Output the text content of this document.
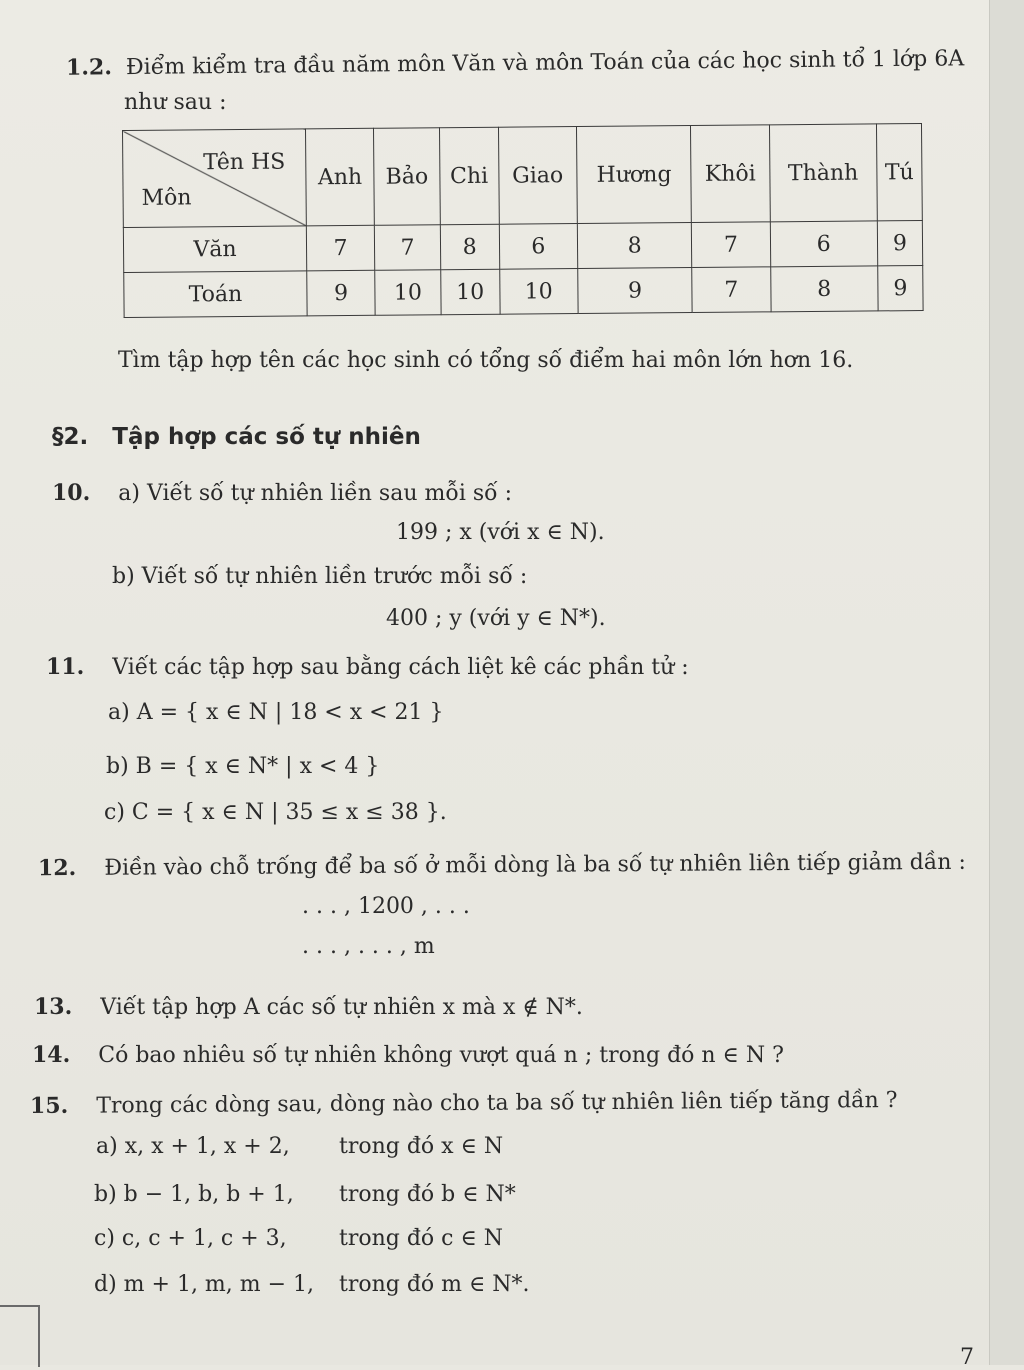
1.2. Điểm kiểm tra đầu năm môn Văn và môn Toán của các học sinh tổ 1 lớp 6A
như sau :
Tên HS
Môn	Anh	Bảo	Chi	Giao	Hương	Khôi	Thành	Tú
Văn	7	7	8	6	8	7	6	9
Toán	9	10	10	10	9	7	8	9
Tìm tập hợp tên các học sinh có tổng số điểm hai môn lớn hơn 16.
§2. Tập hợp các số tự nhiên
10. a) Viết số tự nhiên liền sau mỗi số :
199 ; x (với x ∈ N).
b) Viết số tự nhiên liền trước mỗi số :
400 ; y (với y ∈ N*).
11. Viết các tập hợp sau bằng cách liệt kê các phần tử :
a) A = { x ∈ N | 18 < x < 21 }
b) B = { x ∈ N* | x < 4 }
c) C = { x ∈ N | 35 ≤ x ≤ 38 }.
12. Điền vào chỗ trống để ba số ở mỗi dòng là ba số tự nhiên liên tiếp giảm dần :
. . . , 1200 , . . .
. . . , . . . , m
13. Viết tập hợp A các số tự nhiên x mà x ∉ N*.
14. Có bao nhiêu số tự nhiên không vượt quá n ; trong đó n ∈ N ?
15. Trong các dòng sau, dòng nào cho ta ba số tự nhiên liên tiếp tăng dần ?
a) x, x + 1, x + 2, trong đó x ∈ N
b) b − 1, b, b + 1, trong đó b ∈ N*
c) c, c + 1, c + 3, trong đó c ∈ N
d) m + 1, m, m − 1, trong đó m ∈ N*.
7
